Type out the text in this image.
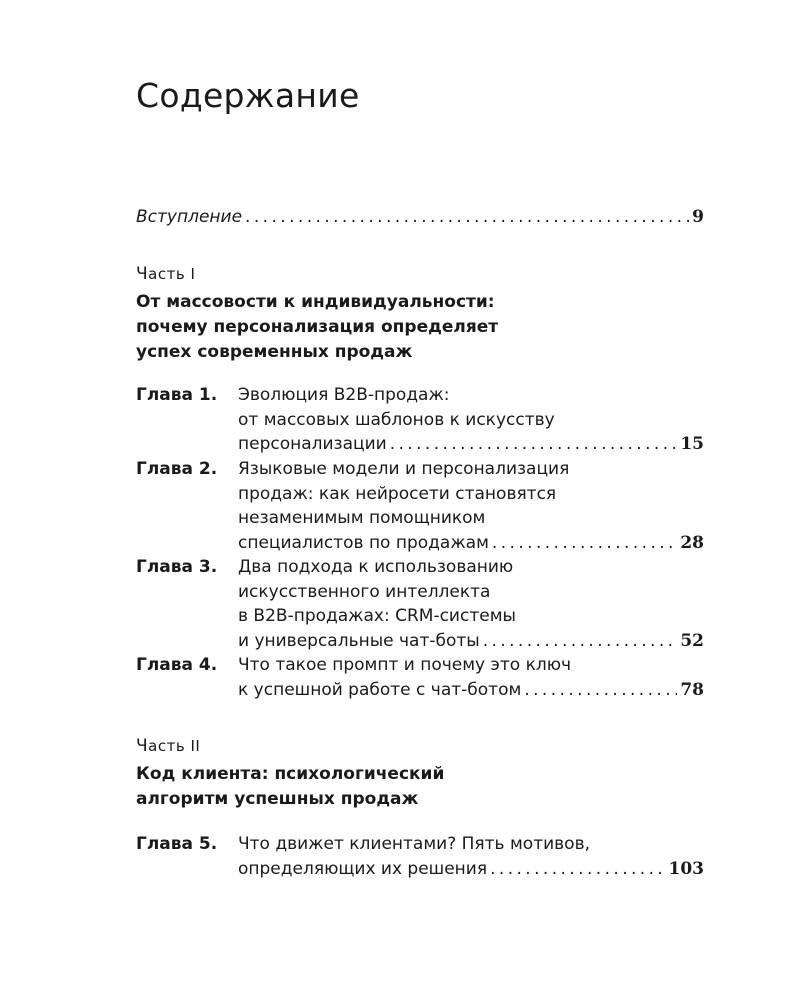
Содержание
Вступление . . .	9
Часть I
От массовости к индивидуальности:
почему персонализация определяет
успех современных продаж
Глава 1. Эволюция B2B-продаж:
от массовых шаблонов к искусству
персонализации . . .	15
Глава 2. Языковые модели и персонализация
продаж: как нейросети становятся
незаменимым помощником
специалистов по продажам . . .	28
Глава 3. Два подхода к использованию
искусственного интеллекта
в B2B-продажах: CRM-системы
и универсальные чат-боты . . .	52
Глава 4. Что такое промпт и почему это ключ
к успешной работе с чат-ботом . . .	78
Часть II
Код клиента: психологический
алгоритм успешных продаж
Глава 5. Что движет клиентами? Пять мотивов,
определяющих их решения . . .	103
